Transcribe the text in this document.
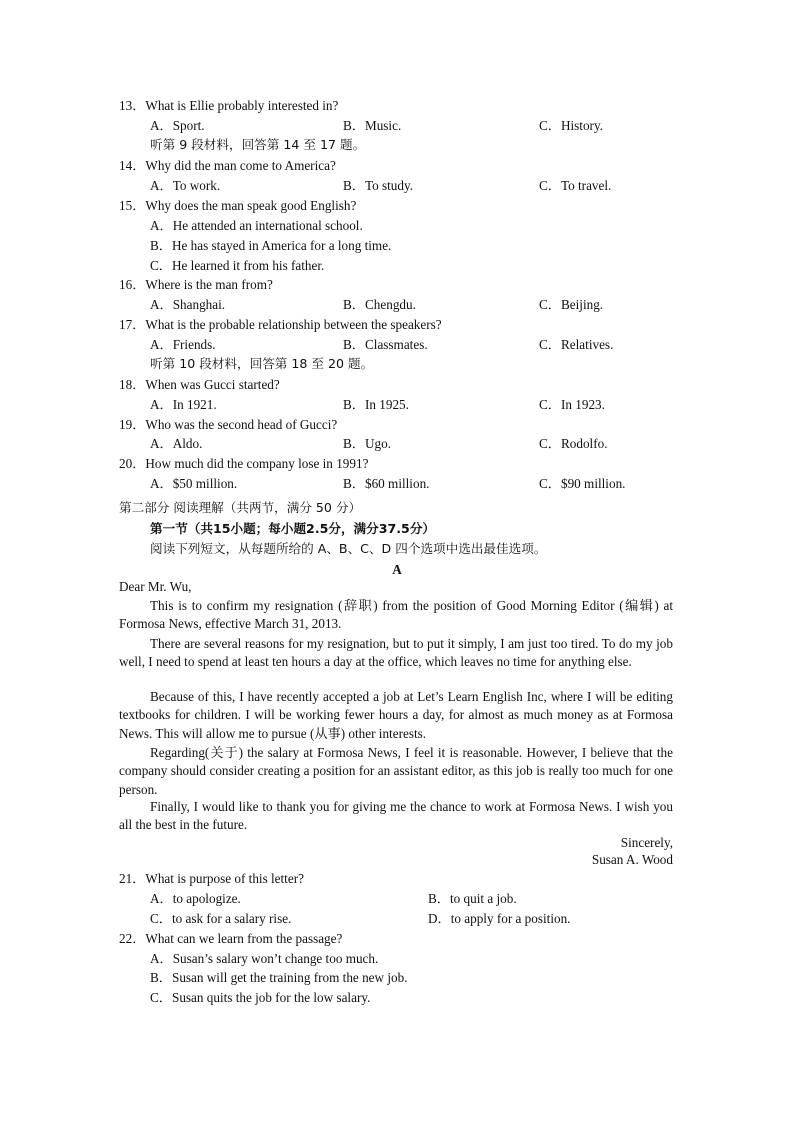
13．What is Ellie probably interested in?
A．Sport.	B．Music.	C．History.
听第 9 段材料，回答第 14 至 17 题。
14．Why did the man come to America?
A．To work.	B．To study.	C．To travel.
15．Why does the man speak good English?
A．He attended an international school.
B．He has stayed in America for a long time.
C．He learned it from his father.
16．Where is the man from?
A．Shanghai.	B．Chengdu.	C．Beijing.
17．What is the probable relationship between the speakers?
A．Friends.	B．Classmates.	C．Relatives.
听第 10 段材料，回答第 18 至 20 题。
18．When was Gucci started?
A．In 1921.	B．In 1925.	C．In 1923.
19．Who was the second head of Gucci?
A．Aldo.	B．Ugo.	C．Rodolfo.
20．How much did the company lose in 1991?
A．$50 million.	B．$60 million.	C．$90 million.
第二部分 阅读理解（共两节，满分 50 分）
第一节（共15小题；每小题2.5分，满分37.5分）
阅读下列短文，从每题所给的 A、B、C、D 四个选项中选出最佳选项。
A
Dear Mr. Wu,
This is to confirm my resignation (辞职) from the position of Good Morning Editor (编辑) at Formosa News, effective March 31, 2013.
There are several reasons for my resignation, but to put it simply, I am just too tired. To do my job well, I need to spend at least ten hours a day at the office, which leaves no time for anything else.
Because of this, I have recently accepted a job at Let’s Learn English Inc, where I will be editing textbooks for children. I will be working fewer hours a day, for almost as much money as at Formosa News. This will allow me to pursue (从事) other interests.
Regarding(关于) the salary at Formosa News, I feel it is reasonable. However, I believe that the company should consider creating a position for an assistant editor, as this job is really too much for one person.
Finally, I would like to thank you for giving me the chance to work at Formosa News. I wish you all the best in the future.
Sincerely,
Susan A. Wood
21．What is purpose of this letter?
A．to apologize.	B．to quit a job.
C．to ask for a salary rise.	D．to apply for a position.
22．What can we learn from the passage?
A．Susan’s salary won’t change too much.
B．Susan will get the training from the new job.
C．Susan quits the job for the low salary.
